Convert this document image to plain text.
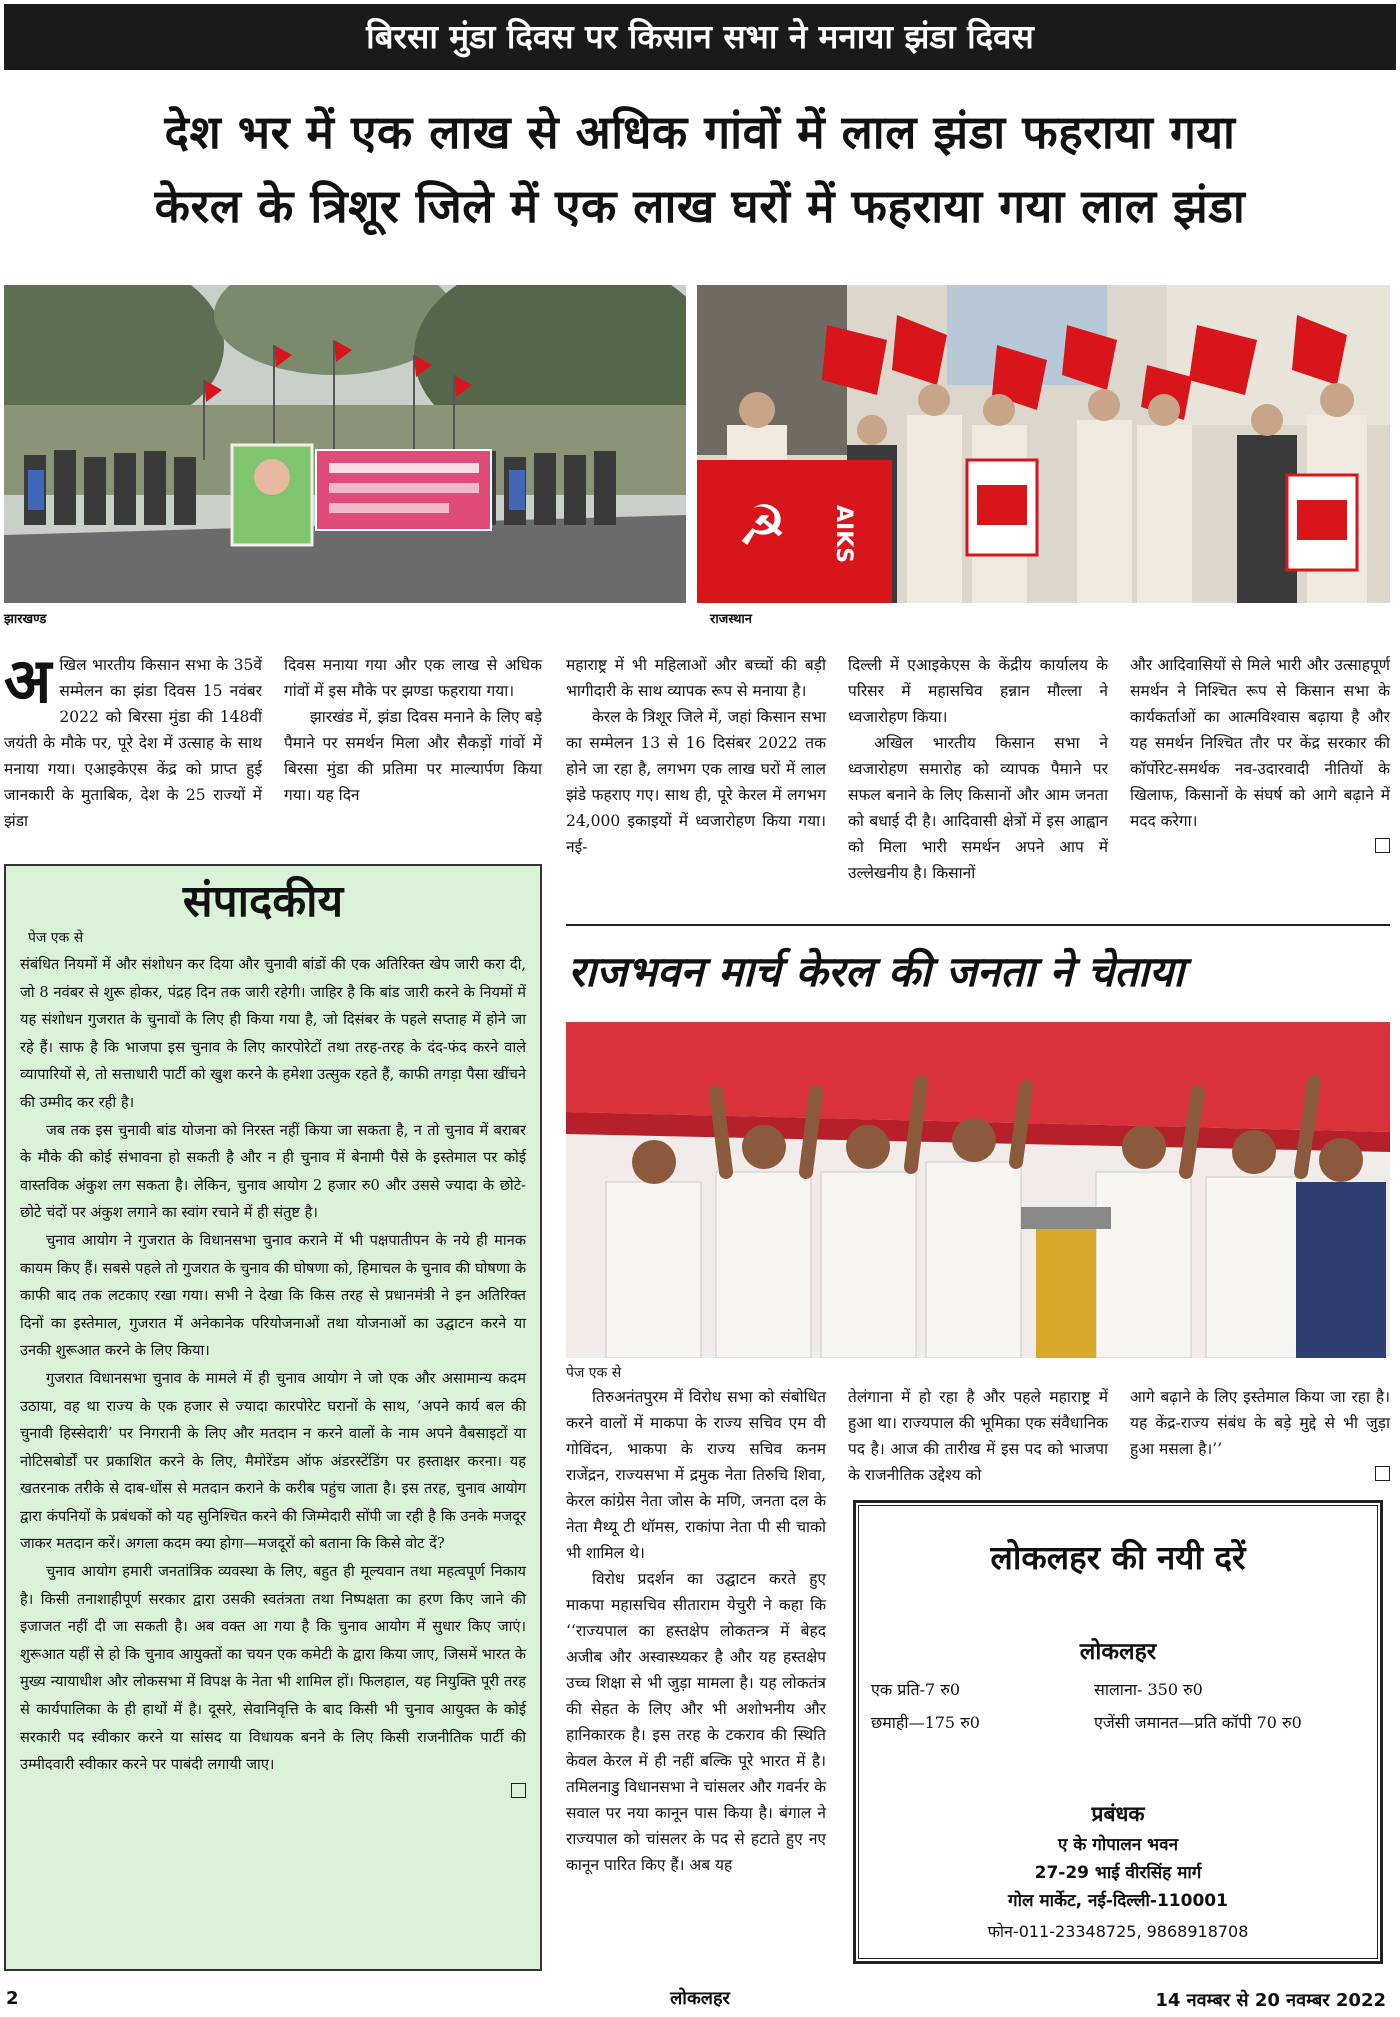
बिरसा मुंडा दिवस पर किसान सभा ने मनाया झंडा दिवस
देश भर में एक लाख से अधिक गांवों में लाल झंडा फहराया गया
केरल के त्रिशूर जिले में एक लाख घरों में फहराया गया लाल झंडा
झारखण्ड
☭ AIKS
राजस्थान
अ खिल भारतीय किसान सभा के 35वें सम्मेलन का झंडा दिवस 15 नवंबर 2022 को बिरसा मुंडा की 148वीं जयंती के मौके पर, पूरे देश में उत्साह के साथ मनाया गया। एआइकेएस केंद्र को प्राप्त हुई जानकारी के मुताबिक, देश के 25 राज्यों में झंडा

दिवस मनाया गया और एक लाख से अधिक गांवों में इस मौके पर झण्डा फहराया गया।

झारखंड में, झंडा दिवस मनाने के लिए बड़े पैमाने पर समर्थन मिला और सैकड़ों गांवों में बिरसा मुंडा की प्रतिमा पर माल्यार्पण किया गया। यह दिन

महाराष्ट्र में भी महिलाओं और बच्चों की बड़ी भागीदारी के साथ व्यापक रूप से मनाया है।

केरल के त्रिशूर जिले में, जहां किसान सभा का सम्मेलन 13 से 16 दिसंबर 2022 तक होने जा रहा है, लगभग एक लाख घरों में लाल झंडे फहराए गए। साथ ही, पूरे केरल में लगभग 24,000 इकाइयों में ध्वजारोहण किया गया। नई-

दिल्ली में एआइकेएस के केंद्रीय कार्यालय के परिसर में महासचिव हन्नान मौल्ला ने ध्वजारोहण किया।

अखिल भारतीय किसान सभा ने ध्वजारोहण समारोह को व्यापक पैमाने पर सफल बनाने के लिए किसानों और आम जनता को बधाई दी है। आदिवासी क्षेत्रों में इस आह्वान को मिला भारी समर्थन अपने आप में उल्लेखनीय है। किसानों

और आदिवासियों से मिले भारी और उत्साहपूर्ण समर्थन ने निश्चित रूप से किसान सभा के कार्यकर्ताओं का आत्मविश्वास बढ़ाया है और यह समर्थन निश्चित तौर पर केंद्र सरकार की कॉर्पोरेट-समर्थक नव-उदारवादी नीतियों के खिलाफ, किसानों के संघर्ष को आगे बढ़ाने में मदद करेगा।

संपादकीय
पेज एक से

संबंधित नियमों में और संशोधन कर दिया और चुनावी बांडों की एक अतिरिक्त खेप जारी करा दी, जो 8 नवंबर से शुरू होकर, पंद्रह दिन तक जारी रहेगी। जाहिर है कि बांड जारी करने के नियमों में यह संशोधन गुजरात के चुनावों के लिए ही किया गया है, जो दिसंबर के पहले सप्ताह में होने जा रहे हैं। साफ है कि भाजपा इस चुनाव के लिए कारपोरेटों तथा तरह-तरह के दंद-फंद करने वाले व्यापारियों से, तो सत्ताधारी पार्टी को खुश करने के हमेशा उत्सुक रहते हैं, काफी तगड़ा पैसा खींचने की उम्मीद कर रही है।

जब तक इस चुनावी बांड योजना को निरस्त नहीं किया जा सकता है, न तो चुनाव में बराबर के मौके की कोई संभावना हो सकती है और न ही चुनाव में बेनामी पैसे के इस्तेमाल पर कोई वास्तविक अंकुश लग सकता है। लेकिन, चुनाव आयोग 2 हजार रु0 और उससे ज्यादा के छोटे-छोटे चंदों पर अंकुश लगाने का स्वांग रचाने में ही संतुष्ट है।

चुनाव आयोग ने गुजरात के विधानसभा चुनाव कराने में भी पक्षपातीपन के नये ही मानक कायम किए हैं। सबसे पहले तो गुजरात के चुनाव की घोषणा को, हिमाचल के चुनाव की घोषणा के काफी बाद तक लटकाए रखा गया। सभी ने देखा कि किस तरह से प्रधानमंत्री ने इन अतिरिक्त दिनों का इस्तेमाल, गुजरात में अनेकानेक परियोजनाओं तथा योजनाओं का उद्घाटन करने या उनकी शुरूआत करने के लिए किया।

गुजरात विधानसभा चुनाव के मामले में ही चुनाव आयोग ने जो एक और असामान्य कदम उठाया, वह था राज्य के एक हजार से ज्यादा कारपोरेट घरानों के साथ, ‘अपने कार्य बल की चुनावी हिस्सेदारी’ पर निगरानी के लिए और मतदान न करने वालों के नाम अपने वैबसाइटों या नोटिसबोर्डों पर प्रकाशित करने के लिए, मैमोरेंडम ऑफ अंडरस्टेंडिंग पर हस्ताक्षर करना। यह खतरनाक तरीके से दाब-धोंस से मतदान कराने के करीब पहुंच जाता है। इस तरह, चुनाव आयोग द्वारा कंपनियों के प्रबंधकों को यह सुनिश्चित करने की जिम्मेदारी सोंपी जा रही है कि उनके मजदूर जाकर मतदान करें। अगला कदम क्या होगा—मजदूरों को बताना कि किसे वोट दें?

चुनाव आयोग हमारी जनतांत्रिक व्यवस्था के लिए, बहुत ही मूल्यवान तथा महत्वपूर्ण निकाय है। किसी तनाशाहीपूर्ण सरकार द्वारा उसकी स्वतंत्रता तथा निष्पक्षता का हरण किए जाने की इजाजत नहीं दी जा सकती है। अब वक्त आ गया है कि चुनाव आयोग में सुधार किए जाएं। शुरूआत यहीं से हो कि चुनाव आयुक्तों का चयन एक कमेटी के द्वारा किया जाए, जिसमें भारत के मुख्य न्यायाधीश और लोकसभा में विपक्ष के नेता भी शामिल हों। फिलहाल, यह नियुक्ति पूरी तरह से कार्यपालिका के ही हाथों में है। दूसरे, सेवानिवृत्ति के बाद किसी भी चुनाव आयुक्त के कोई सरकारी पद स्वीकार करने या सांसद या विधायक बनने के लिए किसी राजनीतिक पार्टी की उम्मीदवारी स्वीकार करने पर पाबंदी लगायी जाए।

राजभवन मार्च केरल की जनता ने चेताया
पेज एक से

तिरुअनंतपुरम में विरोध सभा को संबोधित करने वालों में माकपा के राज्य सचिव एम वी गोविंदन, भाकपा के राज्य सचिव कनम राजेंद्रन, राज्यसभा में द्रमुक नेता तिरुचि शिवा, केरल कांग्रेस नेता जोस के मणि, जनता दल के नेता मैथ्यू टी थॉमस, राकांपा नेता पी सी चाको भी शामिल थे।

विरोध प्रदर्शन का उद्घाटन करते हुए माकपा महासचिव सीताराम येचुरी ने कहा कि ‘‘राज्यपाल का हस्तक्षेप लोकतन्त्र में बेहद अजीब और अस्वास्थ्यकर है और यह हस्तक्षेप उच्च शिक्षा से भी जुड़ा मामला है। यह लोकतंत्र की सेहत के लिए और भी अशोभनीय और हानिकारक है। इस तरह के टकराव की स्थिति केवल केरल में ही नहीं बल्कि पूरे भारत में है। तमिलनाडु विधानसभा ने चांसलर और गवर्नर के सवाल पर नया कानून पास किया है। बंगाल ने राज्यपाल को चांसलर के पद से हटाते हुए नए कानून पारित किए हैं। अब यह

तेलंगाना में हो रहा है और पहले महाराष्ट्र में हुआ था। राज्यपाल की भूमिका एक संवैधानिक पद है। आज की तारीख में इस पद को भाजपा के राजनीतिक उद्देश्य को

आगे बढ़ाने के लिए इस्तेमाल किया जा रहा है। यह केंद्र-राज्य संबंध के बड़े मुद्दे से भी जुड़ा हुआ मसला है।’’

लोकलहर की नयी दरें
लोकलहर
एक प्रति-7 रु0	सालाना- 350 रु0
छमाही—175 रु0	एजेंसी जमानत—प्रति कॉपी 70 रु0
प्रबंधक
ए के गोपालन भवन
27-29 भाई वीरसिंह मार्ग
गोल मार्केट, नई-दिल्ली-110001
फोन-011-23348725, 9868918708
2	लोकलहर	14 नवम्बर से 20 नवम्बर 2022
